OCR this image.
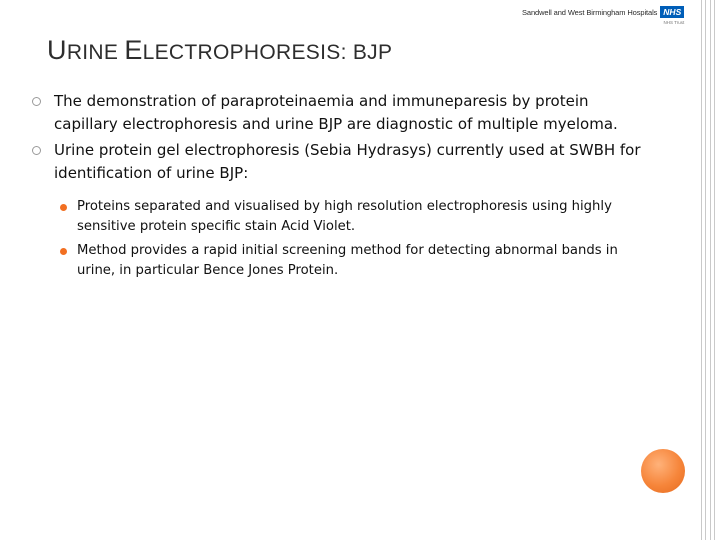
Sandwell and West Birmingham Hospitals NHS
NHS Trust
URINE ELECTROPHORESIS: BJP
The demonstration of paraproteinaemia and immuneparesis by protein capillary electrophoresis and urine BJP are diagnostic of multiple myeloma.
Urine protein gel electrophoresis (Sebia Hydrasys) currently used at SWBH for identification of urine BJP:
Proteins separated and visualised by high resolution electrophoresis using highly sensitive protein specific stain Acid Violet.
Method provides a rapid initial screening method for detecting abnormal bands in urine, in particular Bence Jones Protein.
